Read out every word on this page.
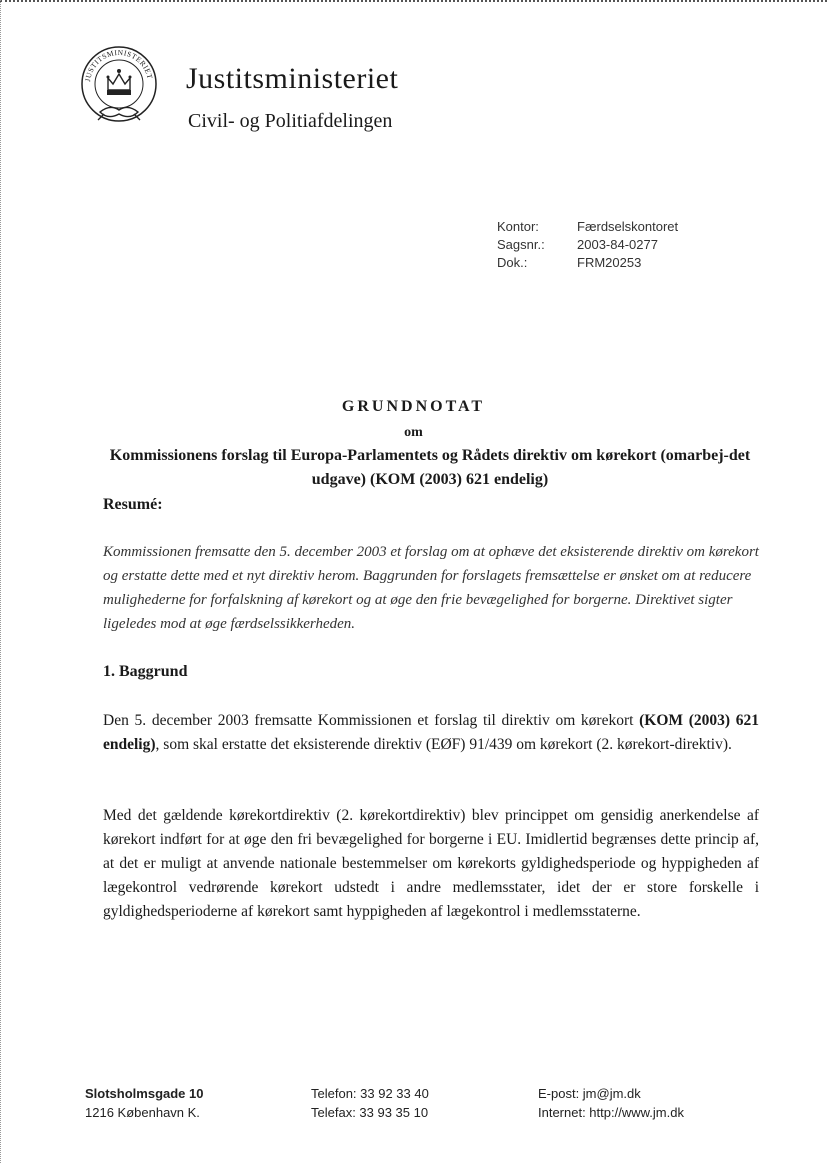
JUSTITSMINISTERIET Justitsministeriet
Civil- og Politiafdelingen
Kontor:	Færdselskontoret
Sagsnr.:	2003-84-0277
Dok.:	FRM20253
GRUNDNOTAT
om
Kommissionens forslag til Europa-Parlamentets og Rådets direktiv om kørekort (omarbej-det udgave) (KOM (2003) 621 endelig)
Resumé:
Kommissionen fremsatte den 5. december 2003 et forslag om at ophæve det eksisterende direktiv om kørekort og erstatte dette med et nyt direktiv herom. Baggrunden for forslagets fremsættelse er ønsket om at reducere mulighederne for forfalskning af kørekort og at øge den frie bevægelighed for borgerne. Direktivet sigter ligeledes mod at øge færdselssikkerheden.
1. Baggrund
Den 5. december 2003 fremsatte Kommissionen et forslag til direktiv om kørekort (KOM (2003) 621 endelig), som skal erstatte det eksisterende direktiv (EØF) 91/439 om kørekort (2. kørekort-direktiv).
Med det gældende kørekortdirektiv (2. kørekortdirektiv) blev princippet om gensidig anerkendelse af kørekort indført for at øge den fri bevægelighed for borgerne i EU. Imidlertid begrænses dette princip af, at det er muligt at anvende nationale bestemmelser om kørekorts gyldighedsperiode og hyppigheden af lægekontrol vedrørende kørekort udstedt i andre medlemsstater, idet der er store forskelle i gyldighedsperioderne af kørekort samt hyppigheden af lægekontrol i medlemsstaterne.
Slotsholmsgade 10
1216 København K.
Telefon: 33 92 33 40
Telefax: 33 93 35 10
E-post: jm@jm.dk
Internet: http://www.jm.dk
